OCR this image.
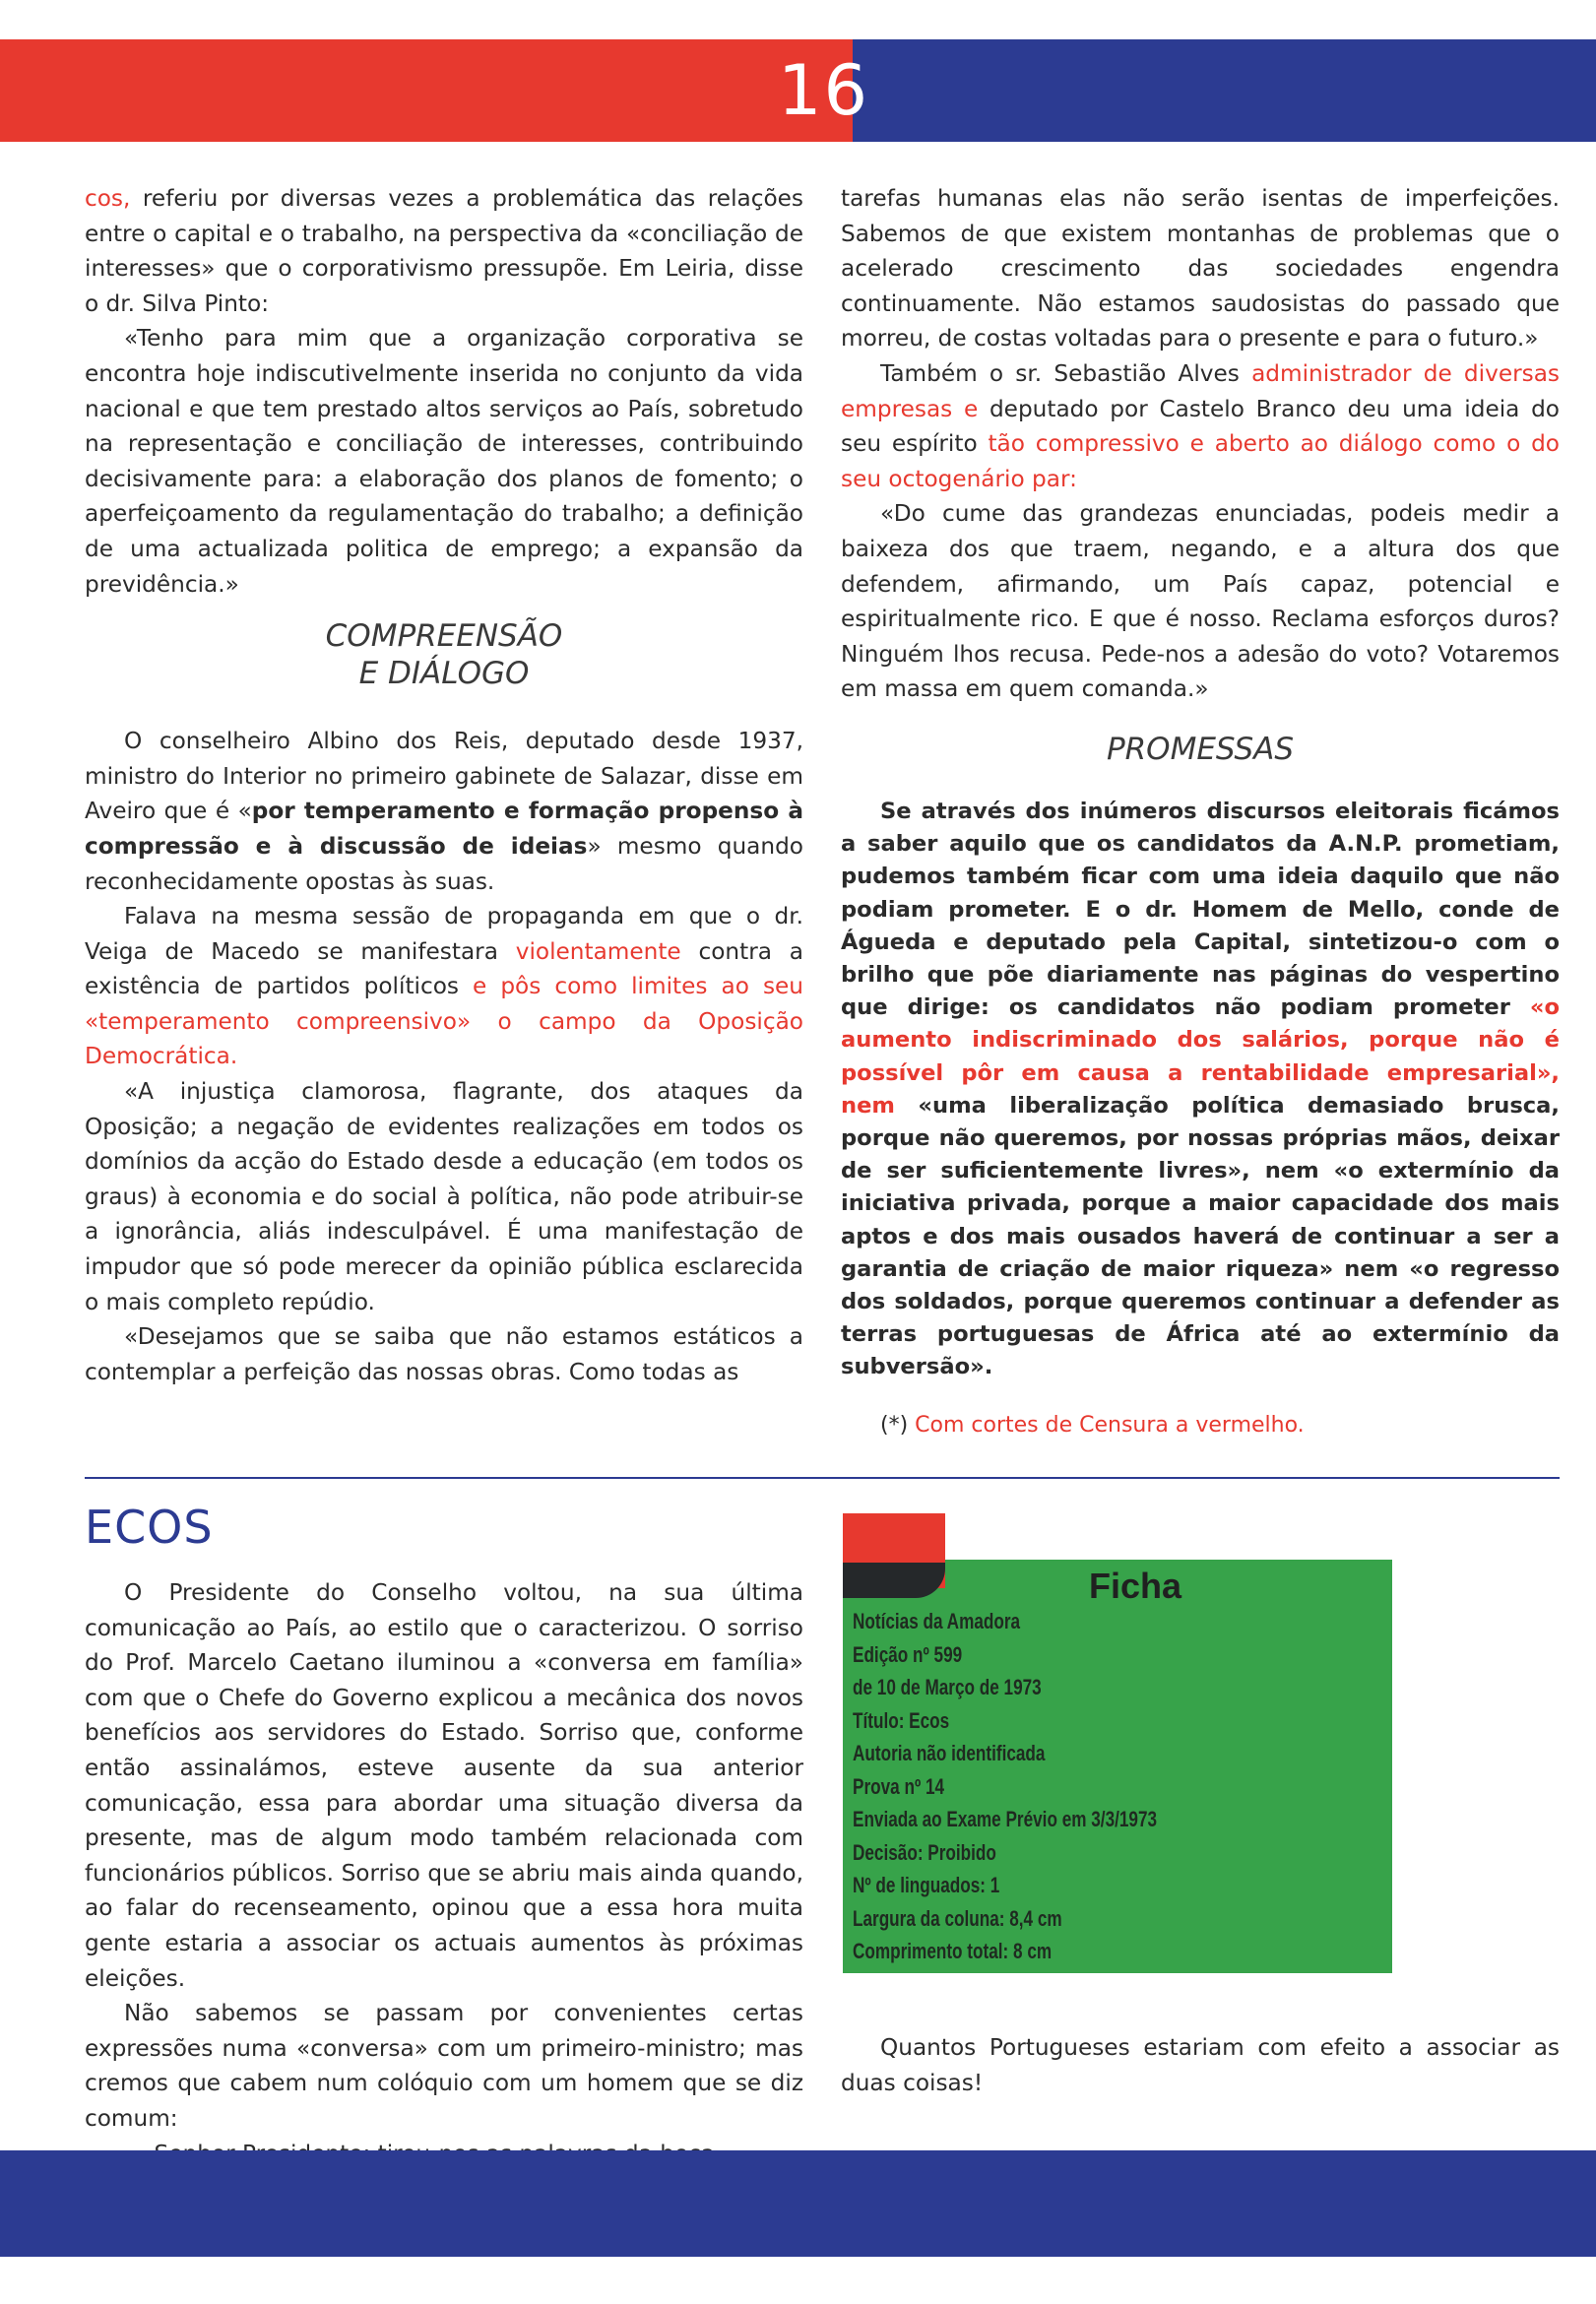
16

cos, referiu por diversas vezes a problemática das relações entre o capital e o trabalho, na perspectiva da «conciliação de interesses» que o corporativismo pressupõe. Em Leiria, disse o dr. Silva Pinto:

«Tenho para mim que a organização corporativa se encontra hoje indiscutivelmente inserida no conjunto da vida nacional e que tem prestado altos serviços ao País, sobretudo na representação e conciliação de interesses, contribuindo decisivamente para: a elaboração dos planos de fomento; o aperfeiçoamento da regulamentação do trabalho; a definição de uma actualizada politica de emprego; a expansão da previdência.»

COMPREENSÃO
E DIÁLOGO

O conselheiro Albino dos Reis, deputado desde 1937, ministro do Interior no primeiro gabinete de Salazar, disse em Aveiro que é «por temperamento e formação propenso à compressão e à discussão de ideias» mesmo quando reconhecidamente opostas às suas.

Falava na mesma sessão de propaganda em que o dr. Veiga de Macedo se manifestara violentamente contra a existência de partidos políticos e pôs como limites ao seu «temperamento compreensivo» o campo da Oposição Democrática.

«A injustiça clamorosa, flagrante, dos ataques da Oposição; a negação de evidentes realizações em todos os domínios da acção do Estado desde a educação (em todos os graus) à economia e do social à política, não pode atribuir-se a ignorância, aliás indesculpável. É uma manifestação de impudor que só pode merecer da opinião pública esclarecida o mais completo repúdio.

«Desejamos que se saiba que não estamos estáticos a contemplar a perfeição das nossas obras. Como todas as

tarefas humanas elas não serão isentas de imperfeições. Sabemos de que existem montanhas de problemas que o acelerado crescimento das sociedades engendra continuamente. Não estamos saudosistas do passado que morreu, de costas voltadas para o presente e para o futuro.»

Também o sr. Sebastião Alves administrador de diversas empresas e deputado por Castelo Branco deu uma ideia do seu espírito tão compressivo e aberto ao diálogo como o do seu octogenário par:

«Do cume das grandezas enunciadas, podeis medir a baixeza dos que traem, negando, e a altura dos que defendem, afirmando, um País capaz, potencial e espiritualmente rico. E que é nosso. Reclama esforços duros? Ninguém lhos recusa. Pede-nos a adesão do voto? Votaremos em massa em quem comanda.»

PROMESSAS

Se através dos inúmeros discursos eleitorais ficámos a saber aquilo que os candidatos da A.N.P. prometiam, pudemos também ficar com uma ideia daquilo que não podiam prometer. E o dr. Homem de Mello, conde de Águeda e deputado pela Capital, sintetizou-o com o brilho que põe diariamente nas páginas do vespertino que dirige: os candidatos não podiam prometer «o aumento indiscriminado dos salários, porque não é possível pôr em causa a rentabilidade empresarial», nem «uma liberalização política demasiado brusca, porque não queremos, por nossas próprias mãos, deixar de ser suficientemente livres», nem «o extermínio da iniciativa privada, porque a maior capacidade dos mais aptos e dos mais ousados haverá de continuar a ser a garantia de criação de maior riqueza» nem «o regresso dos soldados, porque queremos continuar a defender as terras portuguesas de África até ao extermínio da subversão».

(*) Com cortes de Censura a vermelho.

ECOS

O Presidente do Conselho voltou, na sua última comunicação ao País, ao estilo que o caracterizou. O sorriso do Prof. Marcelo Caetano iluminou a «conversa em família» com que o Chefe do Governo explicou a mecânica dos novos benefícios aos servidores do Estado. Sorriso que, conforme então assinalámos, esteve ausente da sua anterior comunicação, essa para abordar uma situação diversa da presente, mas de algum modo também relacionada com funcionários públicos. Sorriso que se abriu mais ainda quando, ao falar do recenseamento, opinou que a essa hora muita gente estaria a associar os actuais aumentos às próximas eleições.

Não sabemos se passam por convenientes certas expressões numa «conversa» com um primeiro-ministro; mas cremos que cabem num colóquio com um homem que se diz comum:

Ficha
Notícias da Amadora
Edição nº 599
de 10 de Março de 1973
Título: Ecos
Autoria não identificada
Prova nº 14
Enviada ao Exame Prévio em 3/3/1973
Decisão: Proibido
Nº de linguados: 1
Largura da coluna: 8,4 cm
Comprimento total: 8 cm

Quantos Portugueses estariam com efeito a associar as duas coisas!
